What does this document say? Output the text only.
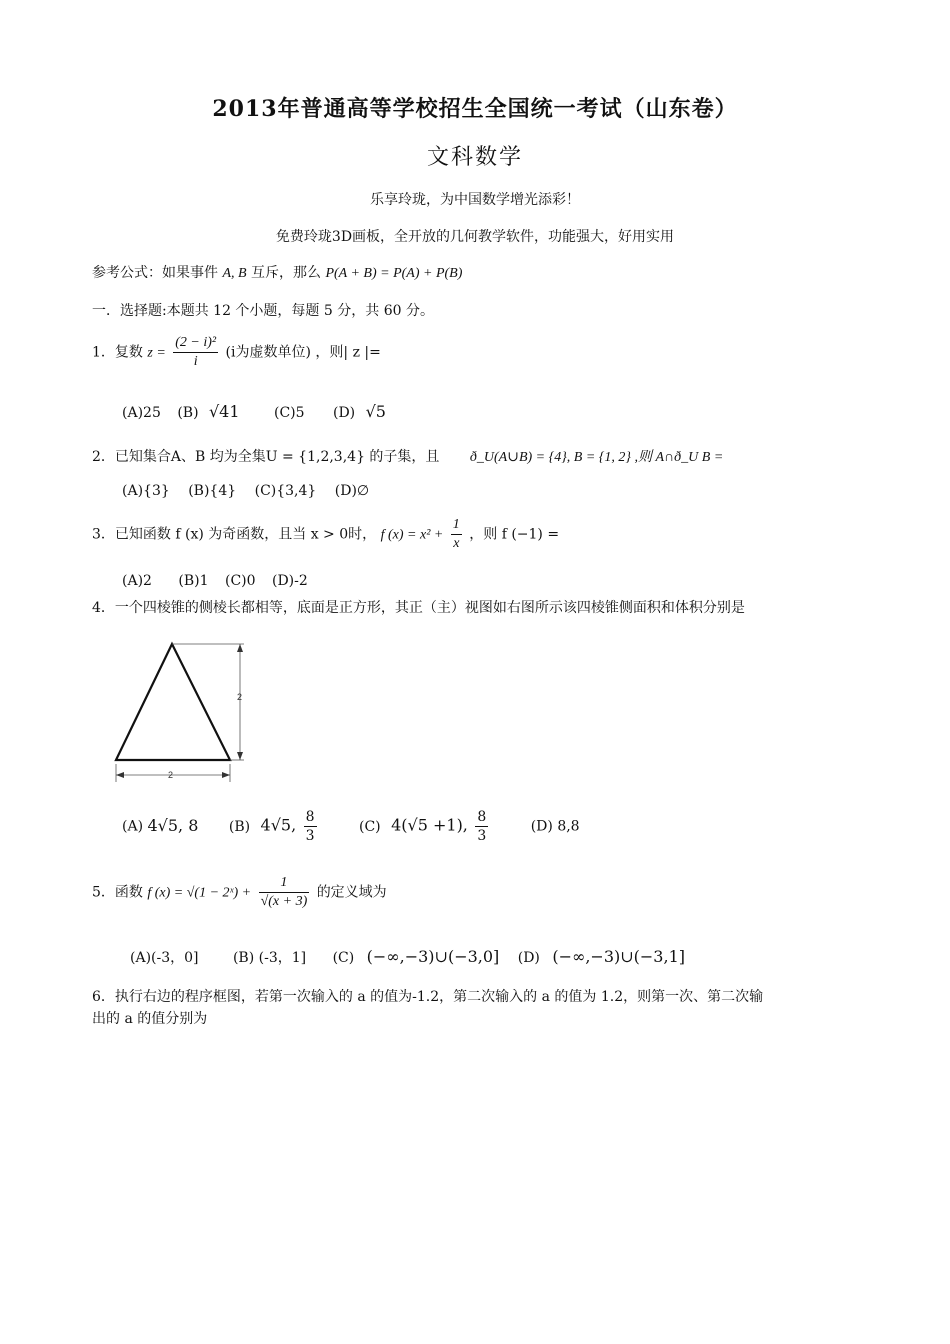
2013年普通高等学校招生全国统一考试（山东卷）
文科数学
乐享玲珑，为中国数学增光添彩！
免费玲珑3D画板，全开放的几何教学软件，功能强大，好用实用
参考公式：如果事件 A, B 互斥，那么 P(A + B) = P(A) + P(B)
一．选择题:本题共 12 个小题，每题 5 分，共 60 分。
1．复数 $z = \frac{\text{(2 − i)²}}{i} (i$为虚数单位) ，则| z |=
(A)25 (B) √41 (C)5 (D) √5
2．已知集合A、B 均为全集U = {1,2,3,4} 的子集，且 ð_U(A∪B) = {4}, B = {1, 2} ,则 A∩ð_U B =
(A){3} (B){4} (C){3,4} (D)∅
3．已知函数 f (x) 为奇函数，且当 x > 0时， f $(x) = x^2 + \frac{1}{x}$ ，则 f (−1) =
(A)2 (B)1 (C)0 (D)-2
4．一个四棱锥的侧棱长都相等，底面是正方形，其正（主）视图如右图所示该四棱锥侧面积和体积分别是
2
2
(A) 4√5, 8 (B) 4√5, $\frac{8}{3}$	(C) 4(√5 +1), $\frac{8}{3}$	(D) 8,8
5．函数 f (x) = √(1 − 2ˣ) + $\frac{1}{√(x + 3)}$ 的定义域为
(A)(-3，0] (B) (-3，1] (C) (−∞,−3)∪(−3,0] (D) (−∞,−3)∪(−3,1]
6．执行右边的程序框图，若第一次输入的 a 的值为-1.2，第二次输入的 a 的值为 1.2，则第一次、第二次输
出的 a 的值分别为
